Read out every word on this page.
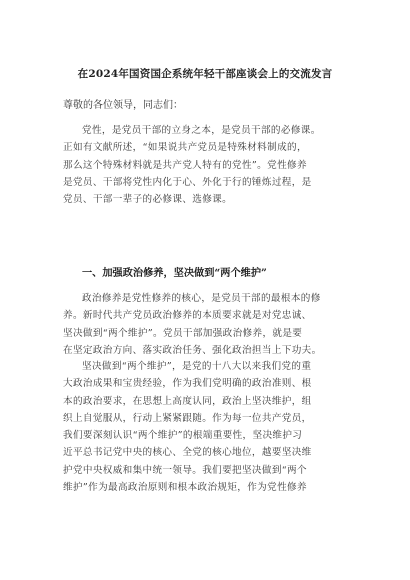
在2024年国资国企系统年轻干部座谈会上的交流发言
尊敬的各位领导，同志们：
党性，是党员干部的立身之本，是党员干部的必修课。
正如有文献所述，“如果说共产党员是特殊材料制成的，
那么这个特殊材料就是共产党人特有的党性”。党性修养
是党员、干部将党性内化于心、外化于行的锤炼过程，是
党员、干部一辈子的必修课、选修课。
一、加强政治修养，坚决做到“两个维护”
政治修养是党性修养的核心，是党员干部的最根本的修
养。新时代共产党员政治修养的本质要求就是对党忠诚、
坚决做到“两个维护”。党员干部加强政治修养，就是要
在坚定政治方向、落实政治任务、强化政治担当上下功夫。
坚决做到“两个维护”，是党的十八大以来我们党的重
大政治成果和宝贵经验，作为我们党明确的政治准则、根
本的政治要求，在思想上高度认同，政治上坚决维护，组
织上自觉服从，行动上紧紧跟随。作为每一位共产党员，
我们要深刻认识“两个维护”的根端重要性，坚决维护习
近平总书记党中央的核心、全党的核心地位，越要坚决维
护党中央权威和集中统一领导。我们要把坚决做到“两个
维护”作为最高政治原则和根本政治规矩，作为党性修养
